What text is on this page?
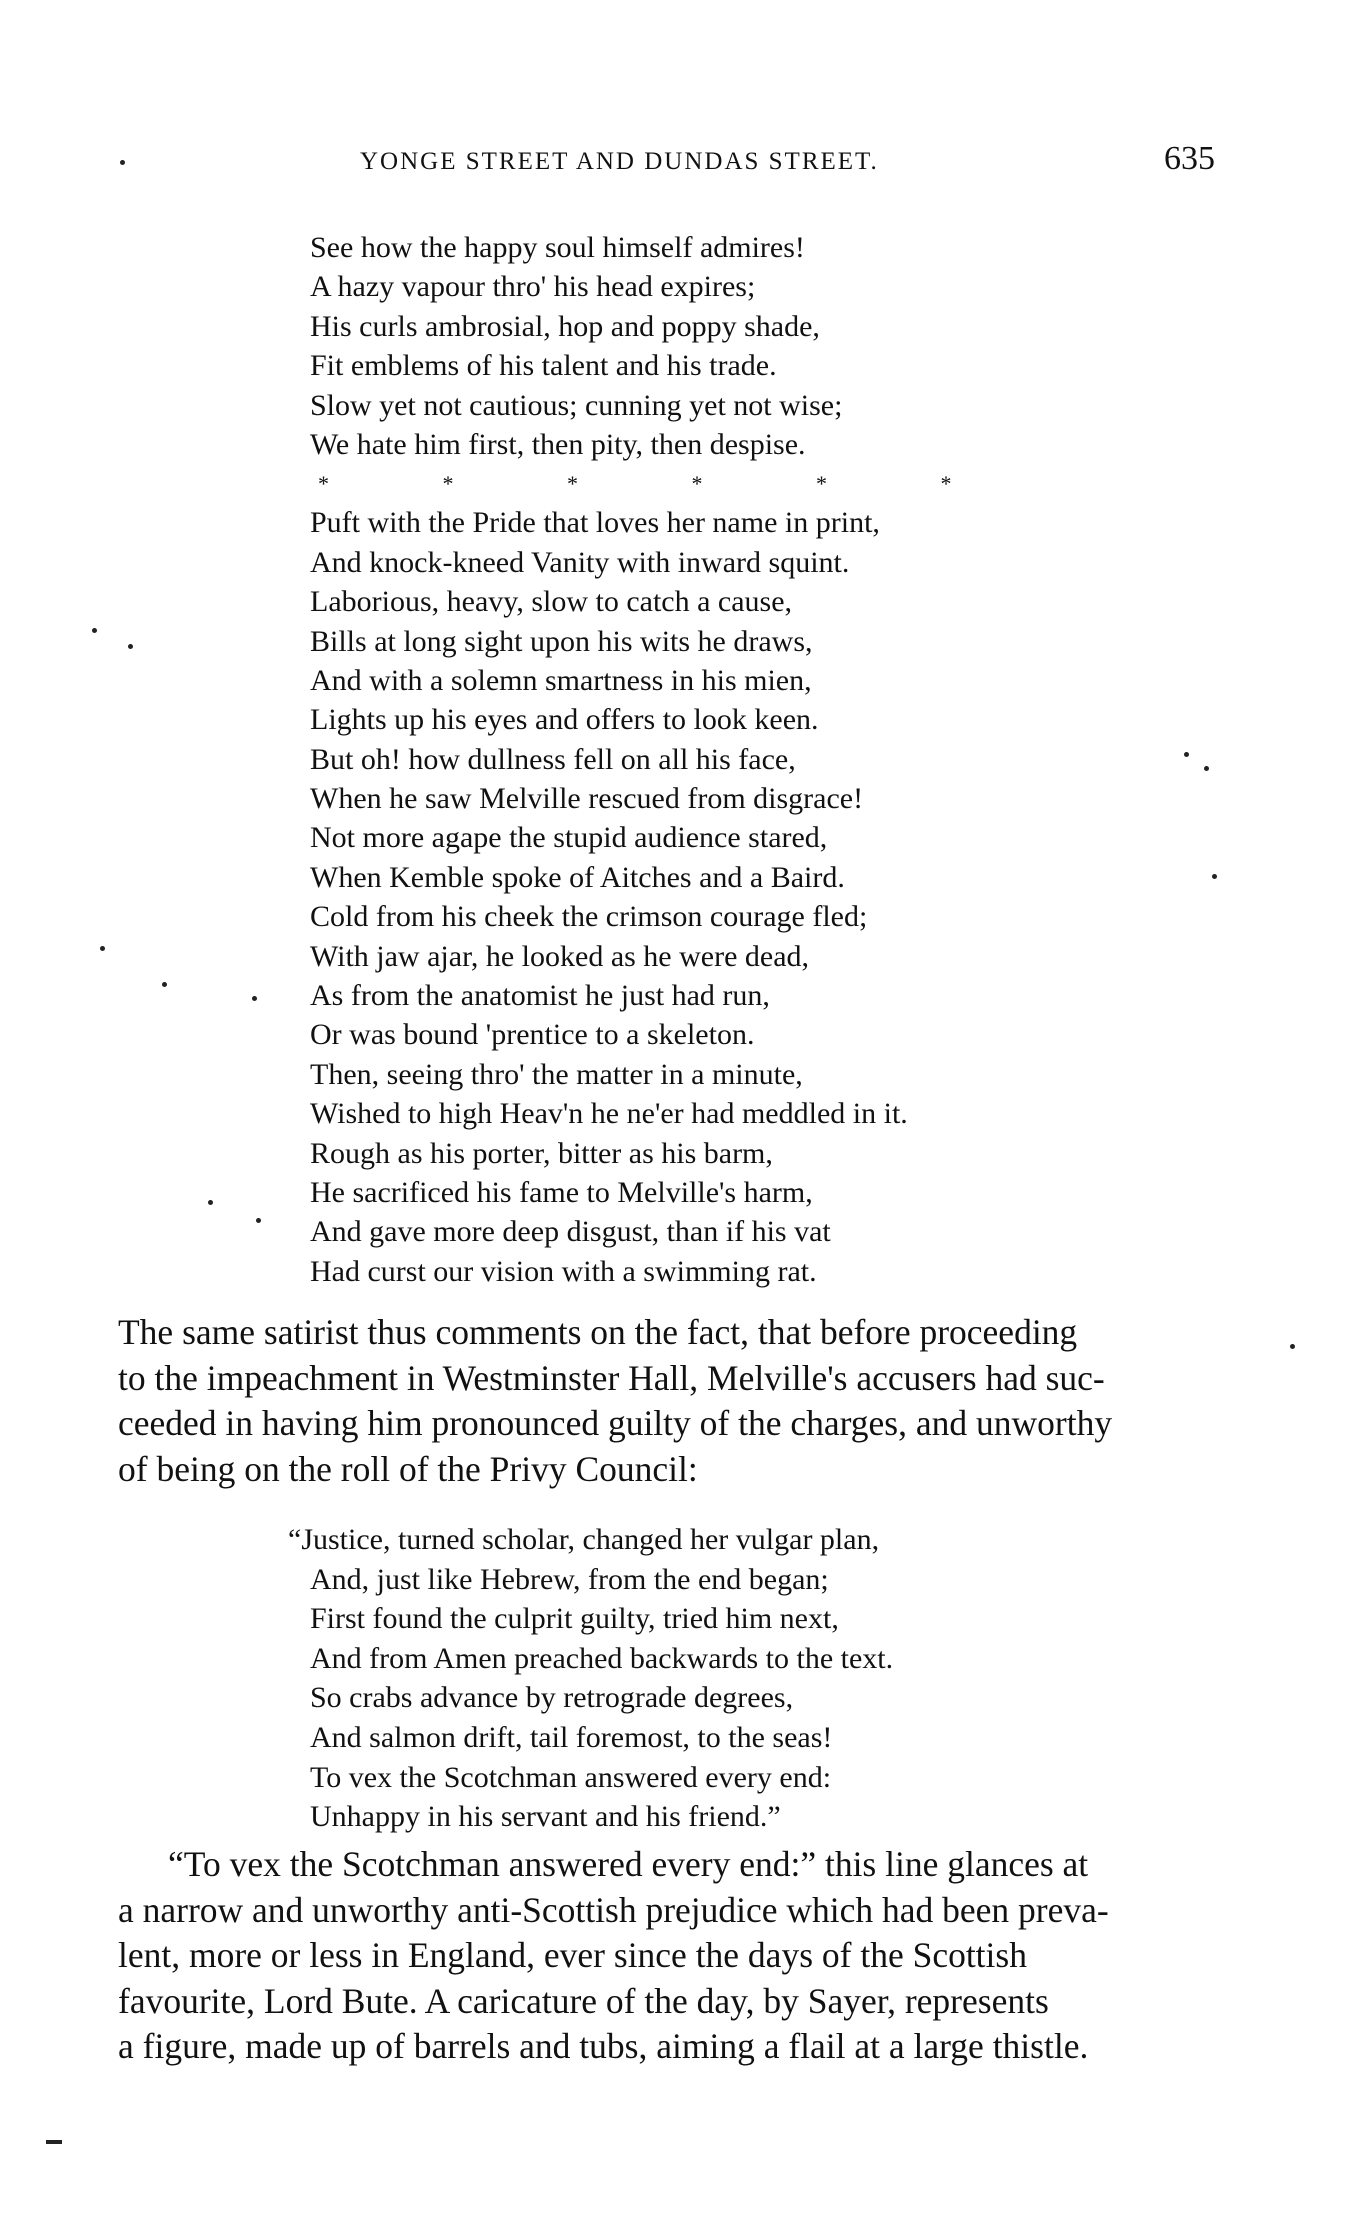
YONGE STREET AND DUNDAS STREET.	635
See how the happy soul himself admires!
A hazy vapour thro' his head expires;
His curls ambrosial, hop and poppy shade,
Fit emblems of his talent and his trade.
Slow yet not cautious; cunning yet not wise;
We hate him first, then pity, then despise.
* * * * * *
Puft with the Pride that loves her name in print,
And knock-kneed Vanity with inward squint.
Laborious, heavy, slow to catch a cause,
Bills at long sight upon his wits he draws,
And with a solemn smartness in his mien,
Lights up his eyes and offers to look keen.
But oh! how dullness fell on all his face,
When he saw Melville rescued from disgrace!
Not more agape the stupid audience stared,
When Kemble spoke of Aitches and a Baird.
Cold from his cheek the crimson courage fled;
With jaw ajar, he looked as he were dead,
As from the anatomist he just had run,
Or was bound 'prentice to a skeleton.
Then, seeing thro' the matter in a minute,
Wished to high Heav'n he ne'er had meddled in it.
Rough as his porter, bitter as his barm,
He sacrificed his fame to Melville's harm,
And gave more deep disgust, than if his vat
Had curst our vision with a swimming rat.
The same satirist thus comments on the fact, that before proceeding
to the impeachment in Westminster Hall, Melville's accusers had suc-
ceeded in having him pronounced guilty of the charges, and unworthy
of being on the roll of the Privy Council:
“Justice, turned scholar, changed her vulgar plan,
And, just like Hebrew, from the end began;
First found the culprit guilty, tried him next,
And from Amen preached backwards to the text.
So crabs advance by retrograde degrees,
And salmon drift, tail foremost, to the seas!
To vex the Scotchman answered every end:
Unhappy in his servant and his friend.”
“To vex the Scotchman answered every end:” this line glances at
a narrow and unworthy anti-Scottish prejudice which had been preva-
lent, more or less in England, ever since the days of the Scottish
favourite, Lord Bute. A caricature of the day, by Sayer, represents
a figure, made up of barrels and tubs, aiming a flail at a large thistle.
